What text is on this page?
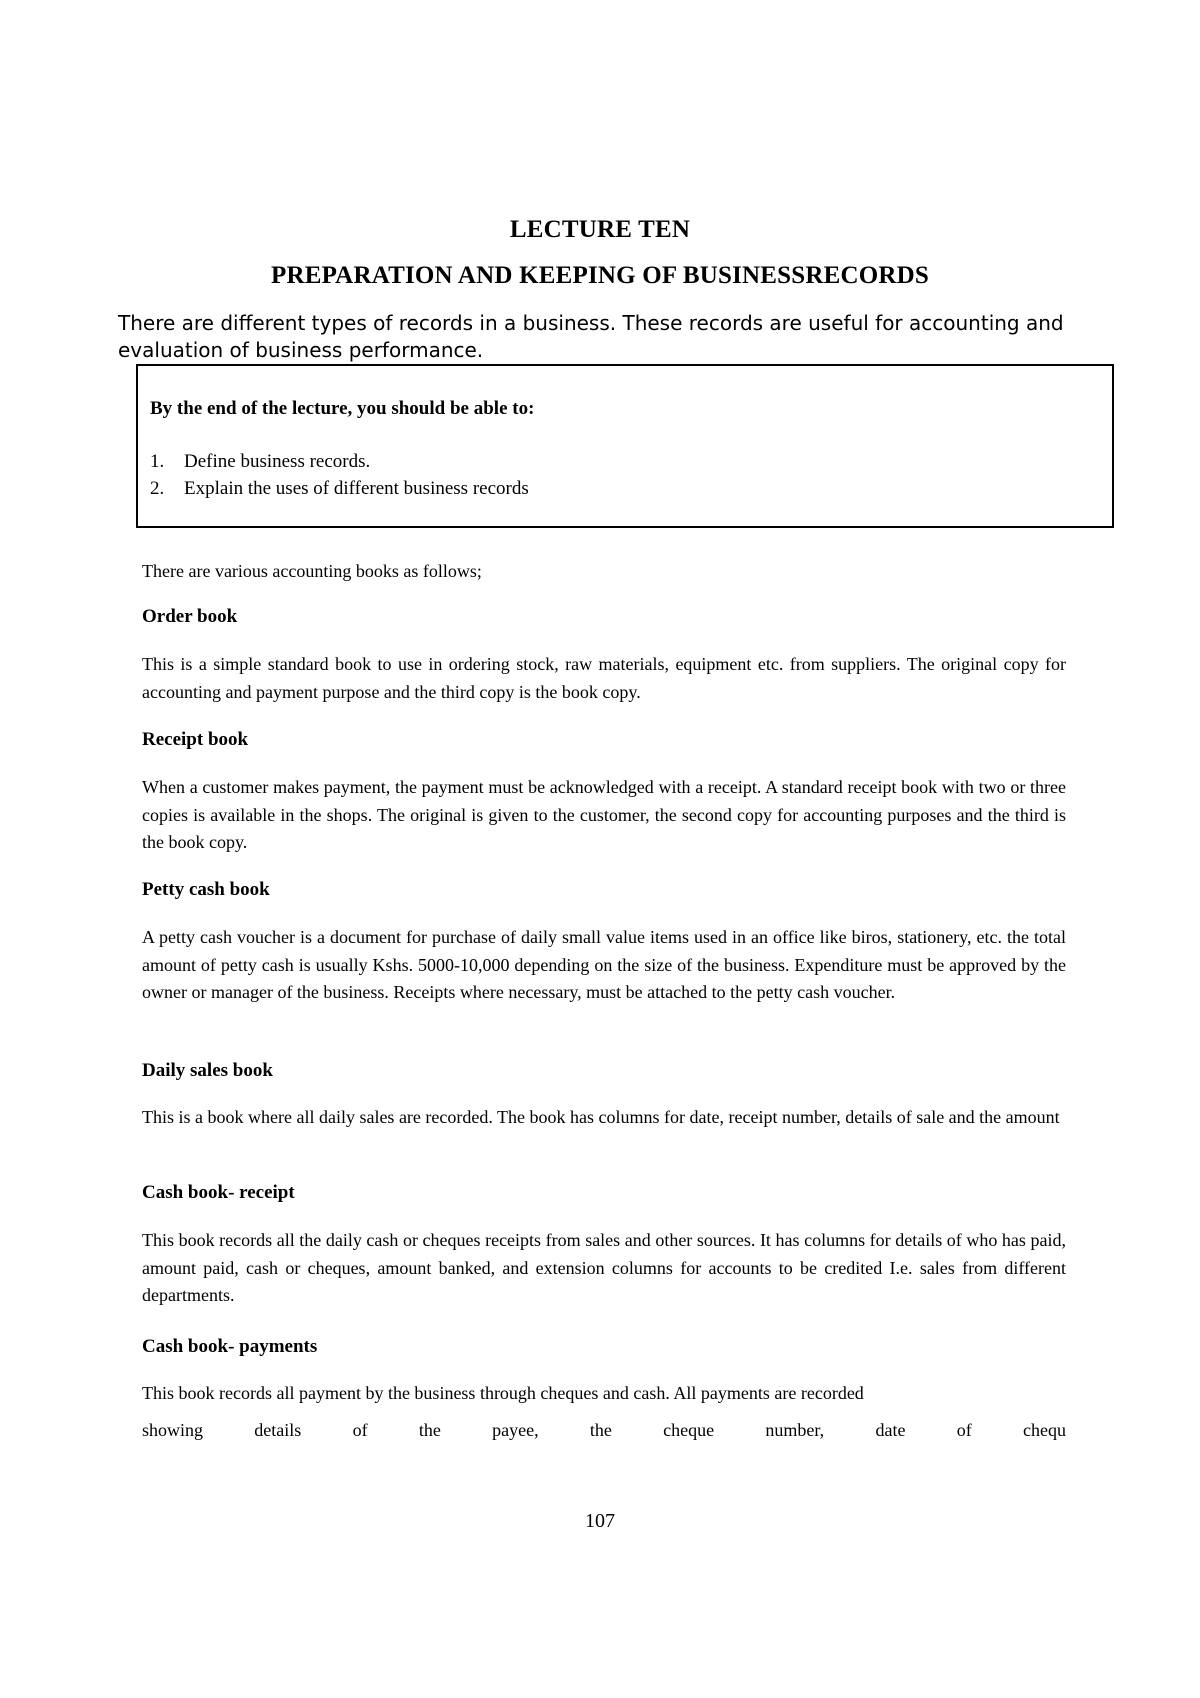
LECTURE TEN
PREPARATION AND KEEPING OF BUSINESSRECORDS
There are different types of records in a business. These records are useful for accounting and evaluation of business performance.
By the end of the lecture, you should be able to:
1.	Define business records.
2.	Explain the uses of different business records
There are various accounting books as follows;
Order book
This is a simple standard book to use in ordering stock, raw materials, equipment etc. from suppliers. The original copy for accounting and payment purpose and the third copy is the book copy.
Receipt book
When a customer makes payment, the payment must be acknowledged with a receipt. A standard receipt book with two or three copies is available in the shops. The original is given to the customer, the second copy for accounting purposes and the third is the book copy.
Petty cash book
A petty cash voucher is a document for purchase of daily small value items used in an office like biros, stationery, etc. the total amount of petty cash is usually Kshs. 5000-10,000 depending on the size of the business. Expenditure must be approved by the owner or manager of the business. Receipts where necessary, must be attached to the petty cash voucher.
Daily sales book
This is a book where all daily sales are recorded. The book has columns for date, receipt number, details of sale and the amount
Cash book- receipt
This book records all the daily cash or cheques receipts from sales and other sources. It has columns for details of who has paid, amount paid, cash or cheques, amount banked, and extension columns for accounts to be credited I.e. sales from different departments.
Cash book- payments
This book records all payment by the business through cheques and cash. All payments are recorded
showing	details	of	the	payee,	the	cheque	number,	date	of	chequ
107
